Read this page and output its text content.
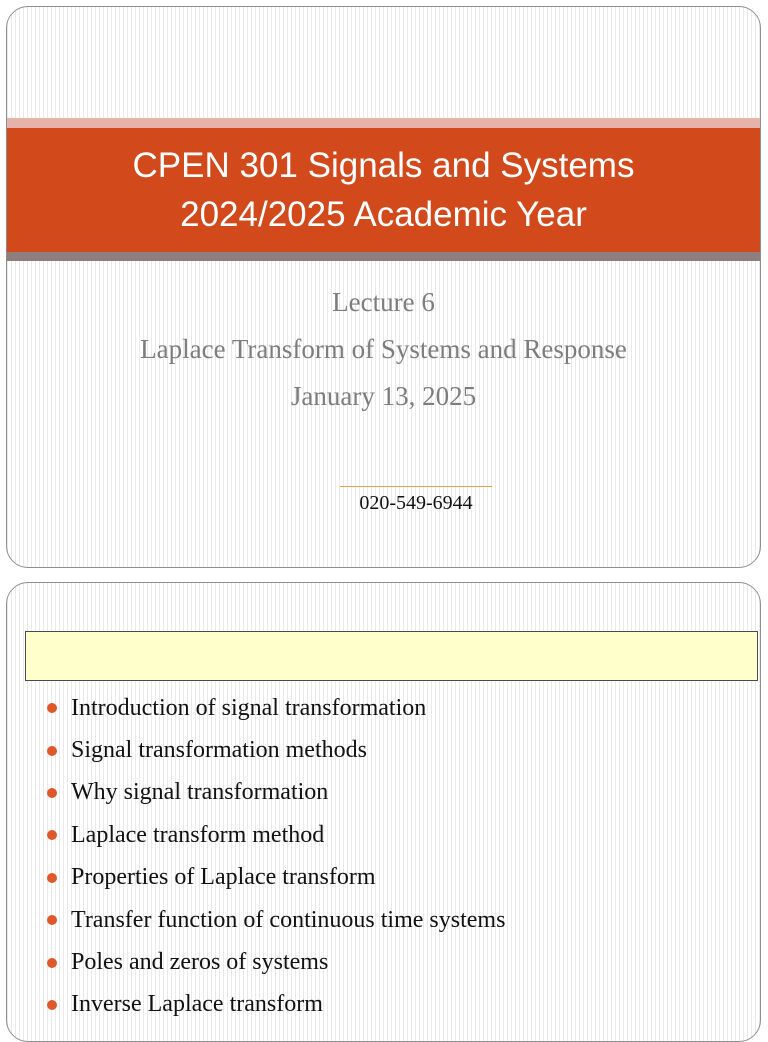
CPEN 301 Signals and Systems
2024/2025 Academic Year
Lecture 6
Laplace Transform of Systems and Response
January 13, 2025
020-549-6944
Introduction of signal transformation
Signal transformation methods
Why signal transformation
Laplace transform method
Properties of Laplace transform
Transfer function of continuous time systems
Poles and zeros of systems
Inverse Laplace transform
